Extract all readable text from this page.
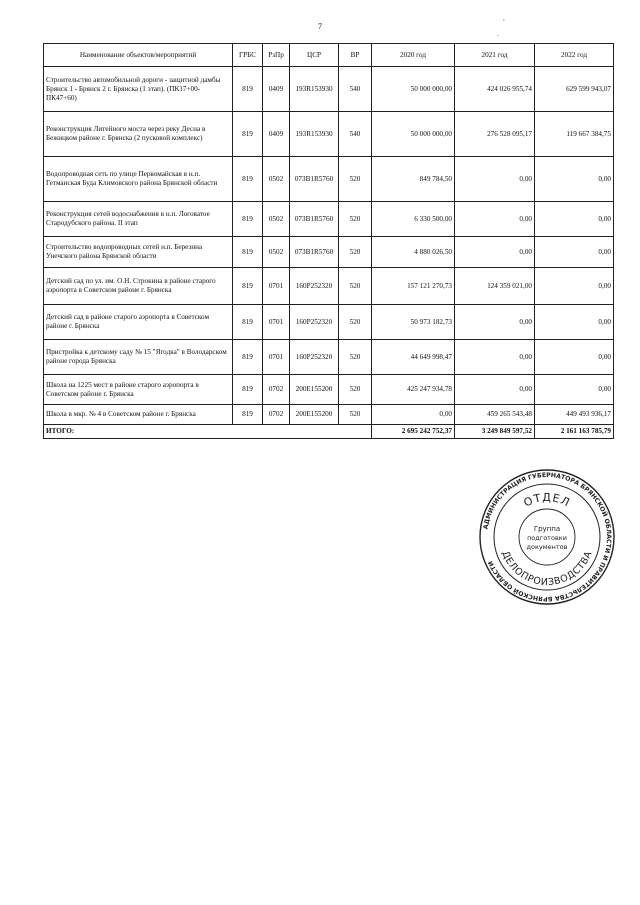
7
Наименование объектов/мероприятий	ГРБС	РзПр	ЦСР	ВР	2020 год	2021 год	2022 год
Строительство автомобильной дороги - защитной дамбы Брянск 1 - Брянск 2 г. Брянска (1 этап). (ПК17+00-ПК47+60)	819	0409	193R153930	540	50 000 000,00	424 026 955,74	629 599 943,07
Реконструкция Литейного моста через реку Десна в Бежицком районе г. Брянска (2 пусковой комплекс)	819	0409	193R153930	540	50 000 000,00	276 528 095,17	119 667 384,75
Водопроводная сеть по улице Первомайская в н.п. Гетманская Буда Климовского района Брянской области	819	0502	073В1R5760	520	849 784,50	0,00	0,00
Реконструкция сетей водоснабжения в н.п. Логоватое Стародубского района. II этап	819	0502	073В1R5760	520	6 330 500,00	0,00	0,00
Строительство водопроводных сетей н.п. Березина Унечского района Брянской области	819	0502	073В1R5760	520	4 880 026,50	0,00	0,00
Детский сад по ул. им. О.Н. Строкина в районе старого аэропорта в Советском районе г. Брянска	819	0701	160Р252320	520	157 121 270,73	124 359 021,00	0,00
Детский сад в районе старого аэропорта в Советском районе г. Брянска	819	0701	160Р252320	520	50 973 182,73	0,00	0,00
Пристройка к детскому саду № 15 "Ягодка" в Володарском районе города Брянска	819	0701	160Р252320	520	44 649 998,47	0,00	0,00
Школа на 1225 мест в районе старого аэропорта в Советском районе г. Брянска	819	0702	200Е155200	520	425 247 934,78	0,00	0,00
Школа в мкр. № 4 в Советском районе г. Брянска	819	0702	200Е155200	520	0,00	459 265 543,48	449 493 936,17
ИТОГО:					2 695 242 752,37	3 249 849 597,52	2 161 163 785,79
,
.
АДМИНИСТРАЦИЯ ГУБЕРНАТОРА БРЯНСКОЙ ОБЛАСТИ И ПРАВИТЕЛЬСТВА БРЯНСКОЙ ОБЛАСТИ
ОТДЕЛ
ДЕЛОПРОИЗВОДСТВА
Группа
подготовки
документов
